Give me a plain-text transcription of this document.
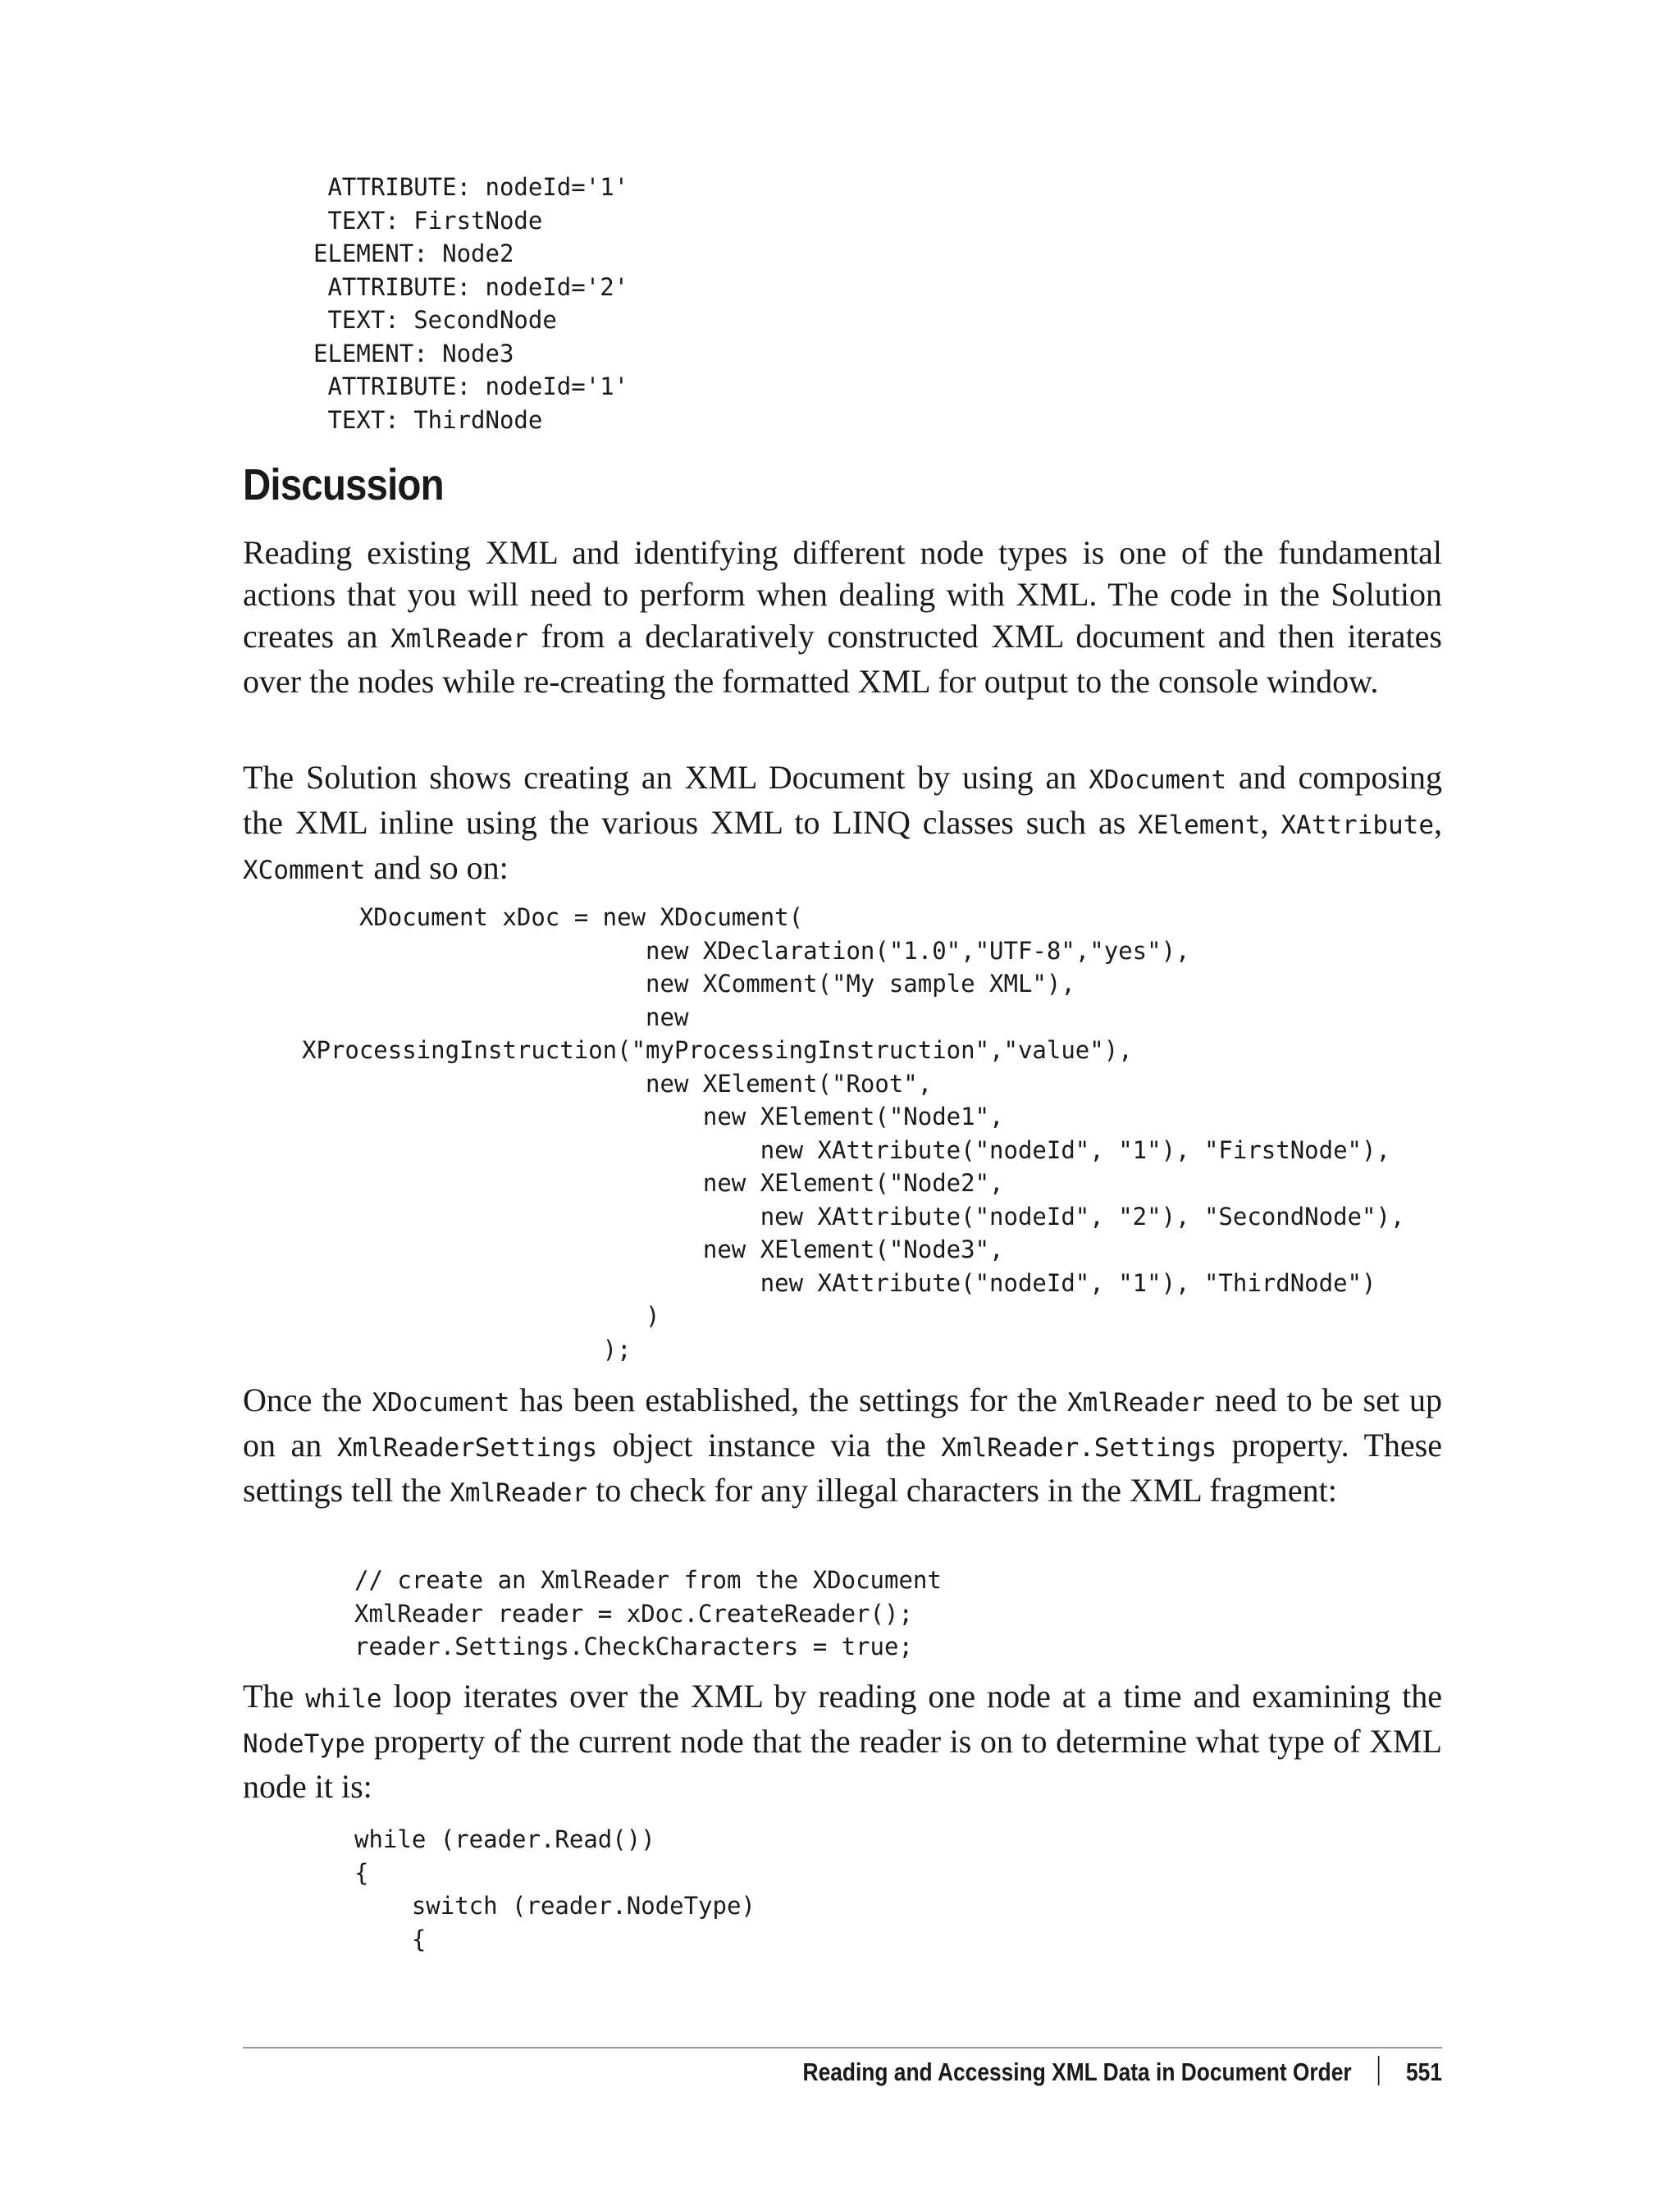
ATTRIBUTE: nodeId='1'
TEXT: FirstNode
ELEMENT: Node2
ATTRIBUTE: nodeId='2'
TEXT: SecondNode
ELEMENT: Node3
ATTRIBUTE: nodeId='1'
TEXT: ThirdNode
Discussion

Reading existing XML and identifying different node types is one of the fundamental actions that you will need to perform when dealing with XML. The code in the Solution creates an XmlReader from a declaratively constructed XML document and then iterates over the nodes while re-creating the formatted XML for output to the console window.

The Solution shows creating an XML Document by using an XDocument and composing the XML inline using the various XML to LINQ classes such as XElement, XAttribute, XComment and so on:

XDocument xDoc = new XDocument(
new XDeclaration("1.0","UTF-8","yes"),
new XComment("My sample XML"),
new
XProcessingInstruction("myProcessingInstruction","value"),
new XElement("Root",
new XElement("Node1",
new XAttribute("nodeId", "1"), "FirstNode"),
new XElement("Node2",
new XAttribute("nodeId", "2"), "SecondNode"),
new XElement("Node3",
new XAttribute("nodeId", "1"), "ThirdNode")
)
);

Once the XDocument has been established, the settings for the XmlReader need to be set up on an XmlReaderSettings object instance via the XmlReader.Settings property. These settings tell the XmlReader to check for any illegal characters in the XML fragment:

// create an XmlReader from the XDocument
XmlReader reader = xDoc.CreateReader();
reader.Settings.CheckCharacters = true;

The while loop iterates over the XML by reading one node at a time and examining the NodeType property of the current node that the reader is on to determine what type of XML node it is:

while (reader.Read())
{
switch (reader.NodeType)
{
Reading and Accessing XML Data in Document Order 551
